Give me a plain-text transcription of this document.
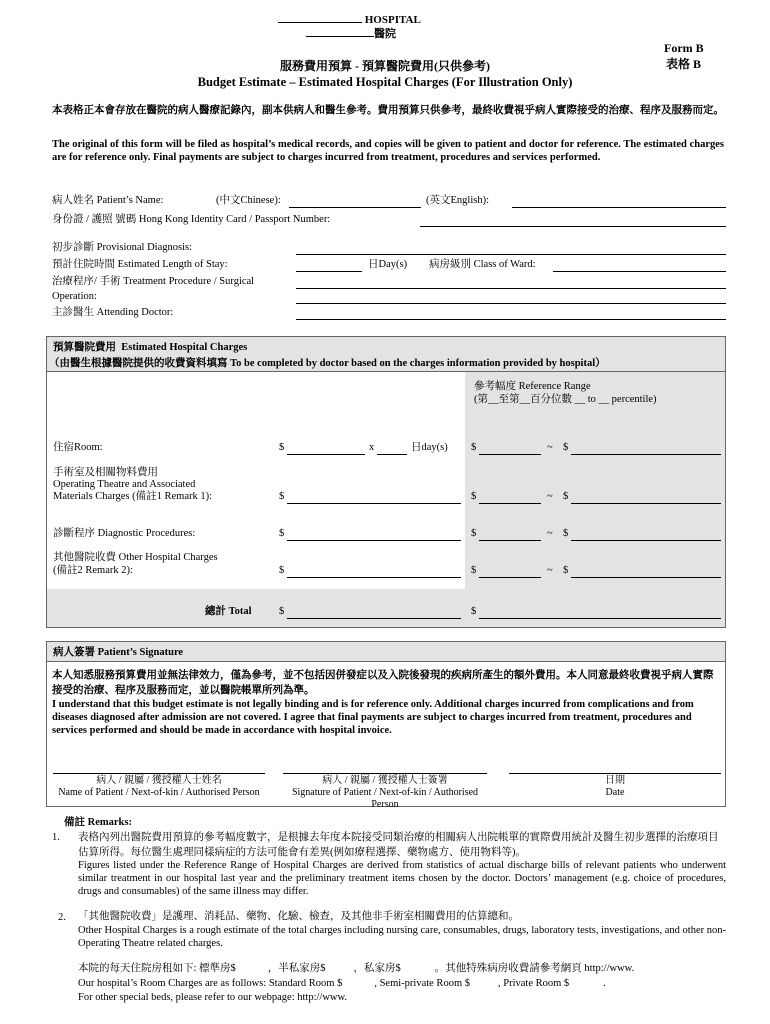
HOSPITAL
醫院
Form B
表格 B
服務費用預算 - 預算醫院費用(只供參考)
Budget Estimate – Estimated Hospital Charges (For Illustration Only)
本表格正本會存放在醫院的病人醫療記錄內，副本供病人和醫生參考。費用預算只供參考，最終收費視乎病人實際接受的治療、程序及服務而定。
The original of this form will be filed as hospital’s medical records, and copies will be given to patient and doctor for reference. The estimated charges are for reference only. Final payments are subject to charges incurred from treatment, procedures and services performed.
病人姓名 Patient’s Name:	(中文Chinese):	(英文English):
身份證 / 護照 號碼 Hong Kong Identity Card / Passport Number:
初步診斷 Provisional Diagnosis:
預計住院時間 Estimated Length of Stay:	日Day(s) 病房級別 Class of Ward:
治療程序/ 手術 Treatment Procedure / Surgical
Operation:
主診醫生 Attending Doctor:
預算醫院費用 Estimated Hospital Charges
（由醫生根據醫院提供的收費資料填寫 To be completed by doctor based on the charges information provided by hospital）
參考幅度 Reference Range
(第__至第__百分位數 __ to __ percentile)
住宿Room:	$	x	日day(s) $	~ $
手術室及相關物料費用
Operating Theatre and Associated
Materials Charges (備註1 Remark 1):	$	$	~ $
診斷程序 Diagnostic Procedures:	$	$	~ $
其他醫院收費 Other Hospital Charges
(備註2 Remark 2):	$	$	~ $
總計 Total	$	$
病人簽署 Patient’s Signature
本人知悉服務預算費用並無法律效力，僅為參考，並不包括因併發症以及入院後發現的疾病所產生的額外費用。本人同意最終收費視乎病人實際接受的治療、程序及服務而定，並以醫院帳單所列為準。
I understand that this budget estimate is not legally binding and is for reference only. Additional charges incurred from complications and from diseases diagnosed after admission are not covered. I agree that final payments are subject to charges incurred from treatment, procedures and services performed and should be made in accordance with hospital invoice.
病人 / 親屬 / 獲授權人士姓名
Name of Patient / Next-of-kin / Authorised Person
病人 / 親屬 / 獲授權人士簽署
Signature of Patient / Next-of-kin / Authorised Person
日期
Date
備註 Remarks:
1. 表格內列出醫院費用預算的參考幅度數字，是根據去年度本院接受同類治療的相關病人出院帳單的實際費用統計及醫生初步選擇的治療項目估算所得。每位醫生處理同樣病症的方法可能會有差異(例如療程選擇、藥物處方、使用物料等)。
Figures listed under the Reference Range of Hospital Charges are derived from statistics of actual discharge bills of relevant patients who underwent similar treatment in our hospital last year and the preliminary treatment items chosen by the doctor. Doctors’ management (e.g. choice of procedures, drugs and consumables) of the same illness may differ.
2. 「其他醫院收費」是護理、消耗品、藥物、化驗、檢查，及其他非手術室相關費用的估算總和。
Other Hospital Charges is a rough estimate of the total charges including nursing care, consumables, drugs, laboratory tests, investigations, and other non-Operating Theatre related charges.
本院的每天住院房租如下: 標準房$	，半私家房$	，私家房$	。其他特殊病房收費請參考網頁 http://www.
Our hospital’s Room Charges are as follows: Standard Room $	, Semi-private Room $	, Private Room $	.
For other special beds, please refer to our webpage: http://www.
